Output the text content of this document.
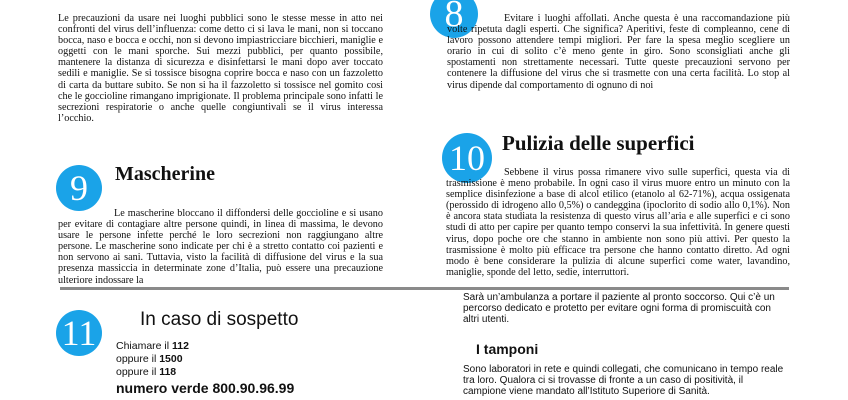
Le precauzioni da usare nei luoghi pubblici sono le stesse messe in atto nei confronti del virus dell’influenza: come detto ci si lava le mani, non si toccano bocca, naso e bocca e occhi, non si devono impiastricciare bicchieri, maniglie e oggetti con le mani sporche. Sui mezzi pubblici, per quanto possibile, mantenere la distanza di sicurezza e disinfettarsi le mani dopo aver toccato sedili e maniglie. Se si tossisce bisogna coprire bocca e naso con un fazzoletto di carta da buttare subito. Se non si ha il fazzoletto si tossisce nel gomito cosi che le goccioline rimangano imprigionate. Il problema principale sono infatti le secrezioni respiratorie o anche quelle congiuntivali se il virus interessa l’occhio.

8	Evitare i luoghi affollati. Anche questa è una raccomandazione più volte ripetuta dagli esperti. Che significa? Aperitivi, feste di compleanno, cene di lavoro possono attendere tempi migliori. Per fare la spesa meglio scegliere un orario in cui di solito c’è meno gente in giro. Sono sconsigliati anche gli spostamenti non strettamente necessari. Tutte queste precauzioni servono per contenere la diffusione del virus che si trasmette con una certa facilità. Lo stop al virus dipende dal comportamento di ognuno di noi

9	Mascherine

Le mascherine bloccano il diffondersi delle goccioline e si usano per evitare di contagiare altre persone quindi, in linea di massima, le devono usare le persone infette perché le loro secrezioni non raggiungano altre persone. Le mascherine sono indicate per chi è a stretto contatto coi pazienti e non servono ai sani. Tuttavia, visto la facilità di diffusione del virus e la sua presenza massiccia in determinate zone d’Italia, può essere una precauzione ulteriore indossare la

10 Pulizia delle superfici

Sebbene il virus possa rimanere vivo sulle superfici, questa via di trasmissione è meno probabile. In ogni caso il virus muore entro un minuto con la semplice disinfezione a base di alcol etilico (etanolo al 62-71%), acqua ossigenata (perossido di idrogeno allo 0,5%) o candeggina (ipoclorito di sodio allo 0,1%). Non è ancora stata studiata la resistenza di questo virus all’aria e alle superfici e ci sono studi di atto per capire per quanto tempo conservi la sua infettività. In genere questi virus, dopo poche ore che stanno in ambiente non sono più attivi. Per questo la trasmissione è molto più efficace tra persone che hanno contatto diretto. Ad ogni modo è bene considerare la pulizia di alcune superfici come water, lavandino, maniglie, sponde del letto, sedie, interruttori.

11 In caso di sospetto

Chiamare il 112

oppure il 1500

oppure il 118

numero verde 800.90.96.99

Sarà un’ambulanza a portare il paziente al pronto soccorso. Qui c’è un percorso dedicato e protetto per evitare ogni forma di promiscuità con altri utenti.

I tamponi

Sono laboratori in rete e quindi collegati, che comunicano in tempo reale tra loro. Qualora ci si trovasse di fronte a un caso di positività, il campione viene mandato all’Istituto Superiore di Sanità.
